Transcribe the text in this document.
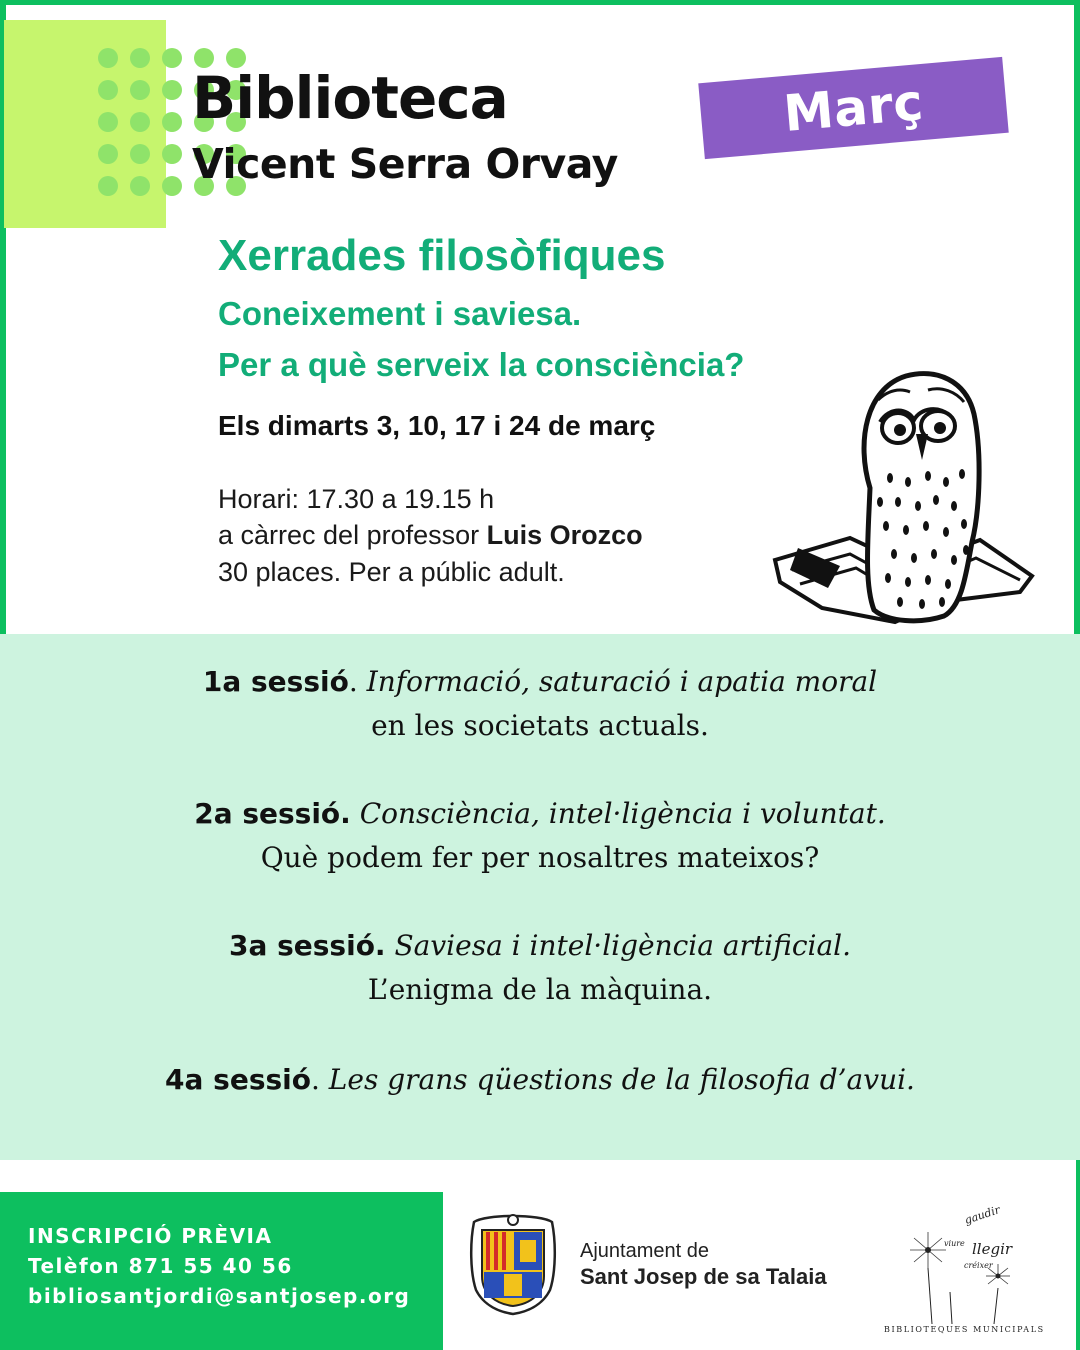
Biblioteca
Vicent Serra Orvay
Març
Xerrades filosòfiques

Coneixement i saviesa.

Per a què serveix la consciència?

Els dimarts 3, 10, 17 i 24 de març

Horari: 17.30 a 19.15 h

a càrrec del professor Luis Orozco

30 places. Per a públic adult.

1a sessió. Informació, saturació i apatia moral

en les societats actuals.

2a sessió. Consciència, intel·ligència i voluntat.

Què podem fer per nosaltres mateixos?

3a sessió. Saviesa i intel·ligència artificial.

L’enigma de la màquina.

4a sessió. Les grans qüestions de la filosofia d’avui.

INSCRIPCIÓ PRÈVIA

Telèfon 871 55 40 56

bibliosantjordi@santjosep.org

Ajuntament de

Sant Josep de sa Talaia

gaudir
llegir
viure
créixer

BIBLIOTEQUES MUNICIPALS
